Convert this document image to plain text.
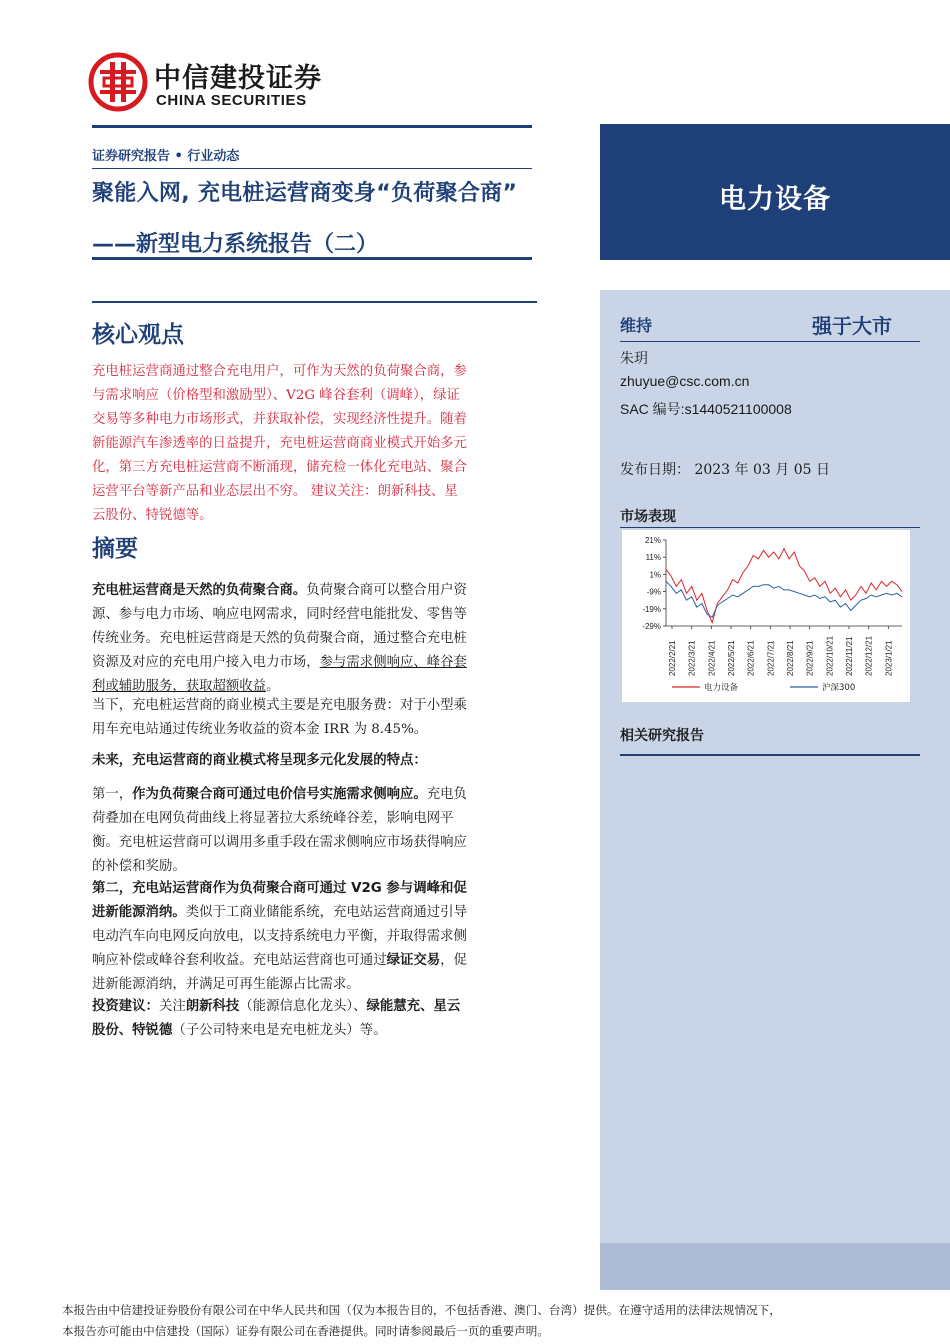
中信建投证券
CHINA SECURITIES
证券研究报告 • 行业动态
聚能入网, 充电桩运营商变身“负荷聚合商”
——新型电力系统报告（二）
电力设备
核心观点
充电桩运营商通过整合充电用户，可作为天然的负荷聚合商，参
与需求响应（价格型和激励型）、V2G 峰谷套利（调峰），绿证
交易等多种电力市场形式，并获取补偿，实现经济性提升。随着
新能源汽车渗透率的日益提升，充电桩运营商商业模式开始多元
化，第三方充电桩运营商不断涌现，储充检一体化充电站、聚合
运营平台等新产品和业态层出不穷。 建议关注：朗新科技、星
云股份、特锐德等。
摘要
充电桩运营商是天然的负荷聚合商。负荷聚合商可以整合用户资
源、参与电力市场、响应电网需求，同时经营电能批发、零售等
传统业务。充电桩运营商是天然的负荷聚合商，通过整合充电桩
资源及对应的充电用户接入电力市场，参与需求侧响应、峰谷套
利或辅助服务，获取超额收益。
当下，充电桩运营商的商业模式主要是充电服务费：对于小型乘
用车充电站通过传统业务收益的资本金 IRR 为 8.45%。
未来，充电运营商的商业模式将呈现多元化发展的特点：
第一，作为负荷聚合商可通过电价信号实施需求侧响应。充电负
荷叠加在电网负荷曲线上将显著拉大系统峰谷差，影响电网平
衡。充电桩运营商可以调用多重手段在需求侧响应市场获得响应
的补偿和奖励。
第二，充电站运营商作为负荷聚合商可通过 V2G 参与调峰和促
进新能源消纳。类似于工商业储能系统，充电站运营商通过引导
电动汽车向电网反向放电，以支持系统电力平衡，并取得需求侧
响应补偿或峰谷套利收益。充电站运营商也可通过绿证交易，促
进新能源消纳，并满足可再生能源占比需求。
投资建议：关注朗新科技（能源信息化龙头）、绿能慧充、星云
股份、特锐德（子公司特来电是充电桩龙头）等。
维持	强于大市
朱玥
zhuyue@csc.com.cn
SAC 编号:s1440521100008
发布日期： 2023 年 03 月 05 日
市场表现
21%
11%
1%
-9%
-19%
-29%
2022/2/21 2022/3/21 2022/4/21 2022/5/21 2022/6/21 2022/7/21 2022/8/21 2022/9/21 2022/10/21 2022/11/21 2022/12/21 2023/1/21
电力设备	沪深300
相关研究报告
本报告由中信建投证券股份有限公司在中华人民共和国（仅为本报告目的，不包括香港、澳门、台湾）提供。在遵守适用的法律法规情况下，
本报告亦可能由中信建投（国际）证券有限公司在香港提供。同时请参阅最后一页的重要声明。
